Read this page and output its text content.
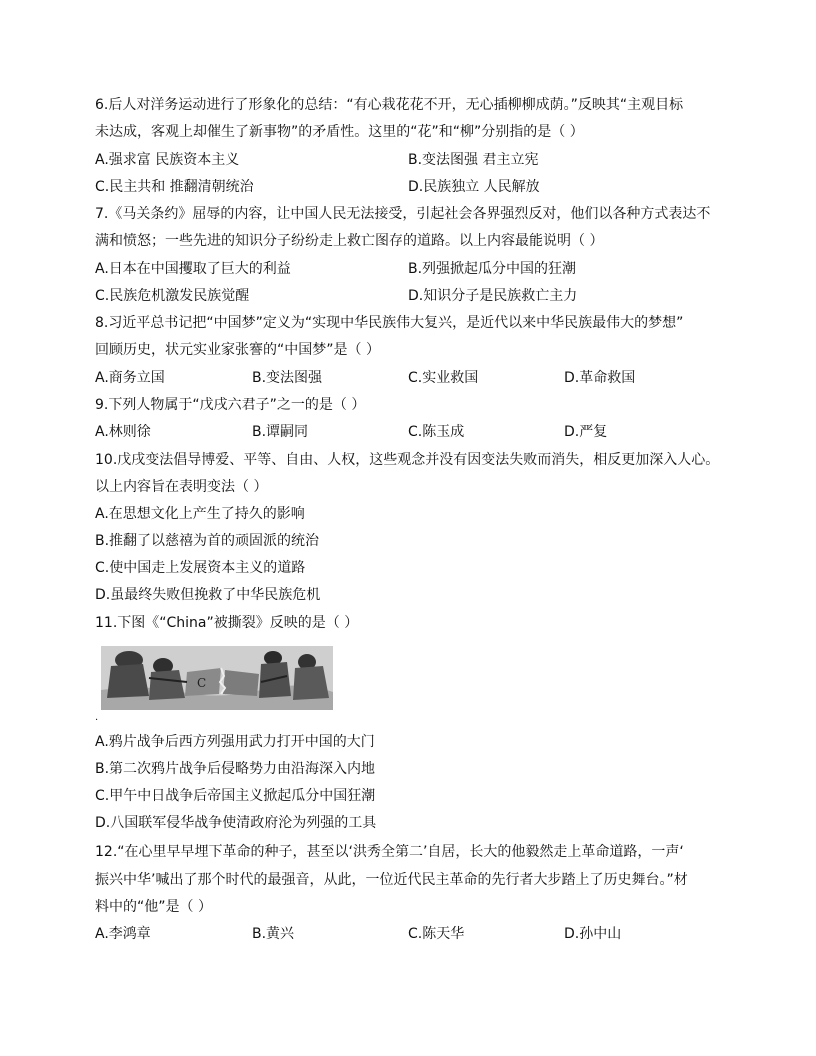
6.后人对洋务运动进行了形象化的总结：“有心栽花花不开，无心插柳柳成荫。”反映其“主观目标
未达成，客观上却催生了新事物”的矛盾性。这里的“花”和“柳”分别指的是（ ）
A.强求富 民族资本主义	B.变法图强 君主立宪
C.民主共和 推翻清朝统治	D.民族独立 人民解放
7.《马关条约》屈辱的内容，让中国人民无法接受，引起社会各界强烈反对，他们以各种方式表达不
满和愤怒；一些先进的知识分子纷纷走上救亡图存的道路。以上内容最能说明（ ）
A.日本在中国攫取了巨大的利益	B.列强掀起瓜分中国的狂潮
C.民族危机激发民族觉醒	D.知识分子是民族救亡主力
8.习近平总书记把“中国梦”定义为“实现中华民族伟大复兴，是近代以来中华民族最伟大的梦想”
回顾历史，状元实业家张謇的“中国梦”是（ ）
A.商务立国	B.变法图强	C.实业救国	D.革命救国
9.下列人物属于“戊戌六君子”之一的是（ ）
A.林则徐	B.谭嗣同	C.陈玉成	D.严复
10.戊戌变法倡导博爱、平等、自由、人权，这些观念并没有因变法失败而消失，相反更加深入人心。
以上内容旨在表明变法（ ）
A.在思想文化上产生了持久的影响
B.推翻了以慈禧为首的顽固派的统治
C.使中国走上发展资本主义的道路
D.虽最终失败但挽救了中华民族危机
11.下图《“China”被撕裂》反映的是（ ）
C
.
A.鸦片战争后西方列强用武力打开中国的大门
B.第二次鸦片战争后侵略势力由沿海深入内地
C.甲午中日战争后帝国主义掀起瓜分中国狂潮
D.八国联军侵华战争使清政府沦为列强的工具
12.“在心里早早埋下革命的种子，甚至以‘洪秀全第二’自居，长大的他毅然走上革命道路，一声‘
振兴中华’喊出了那个时代的最强音，从此，一位近代民主革命的先行者大步踏上了历史舞台。”材
料中的“他”是（ ）
A.李鸿章	B.黄兴	C.陈天华	D.孙中山
